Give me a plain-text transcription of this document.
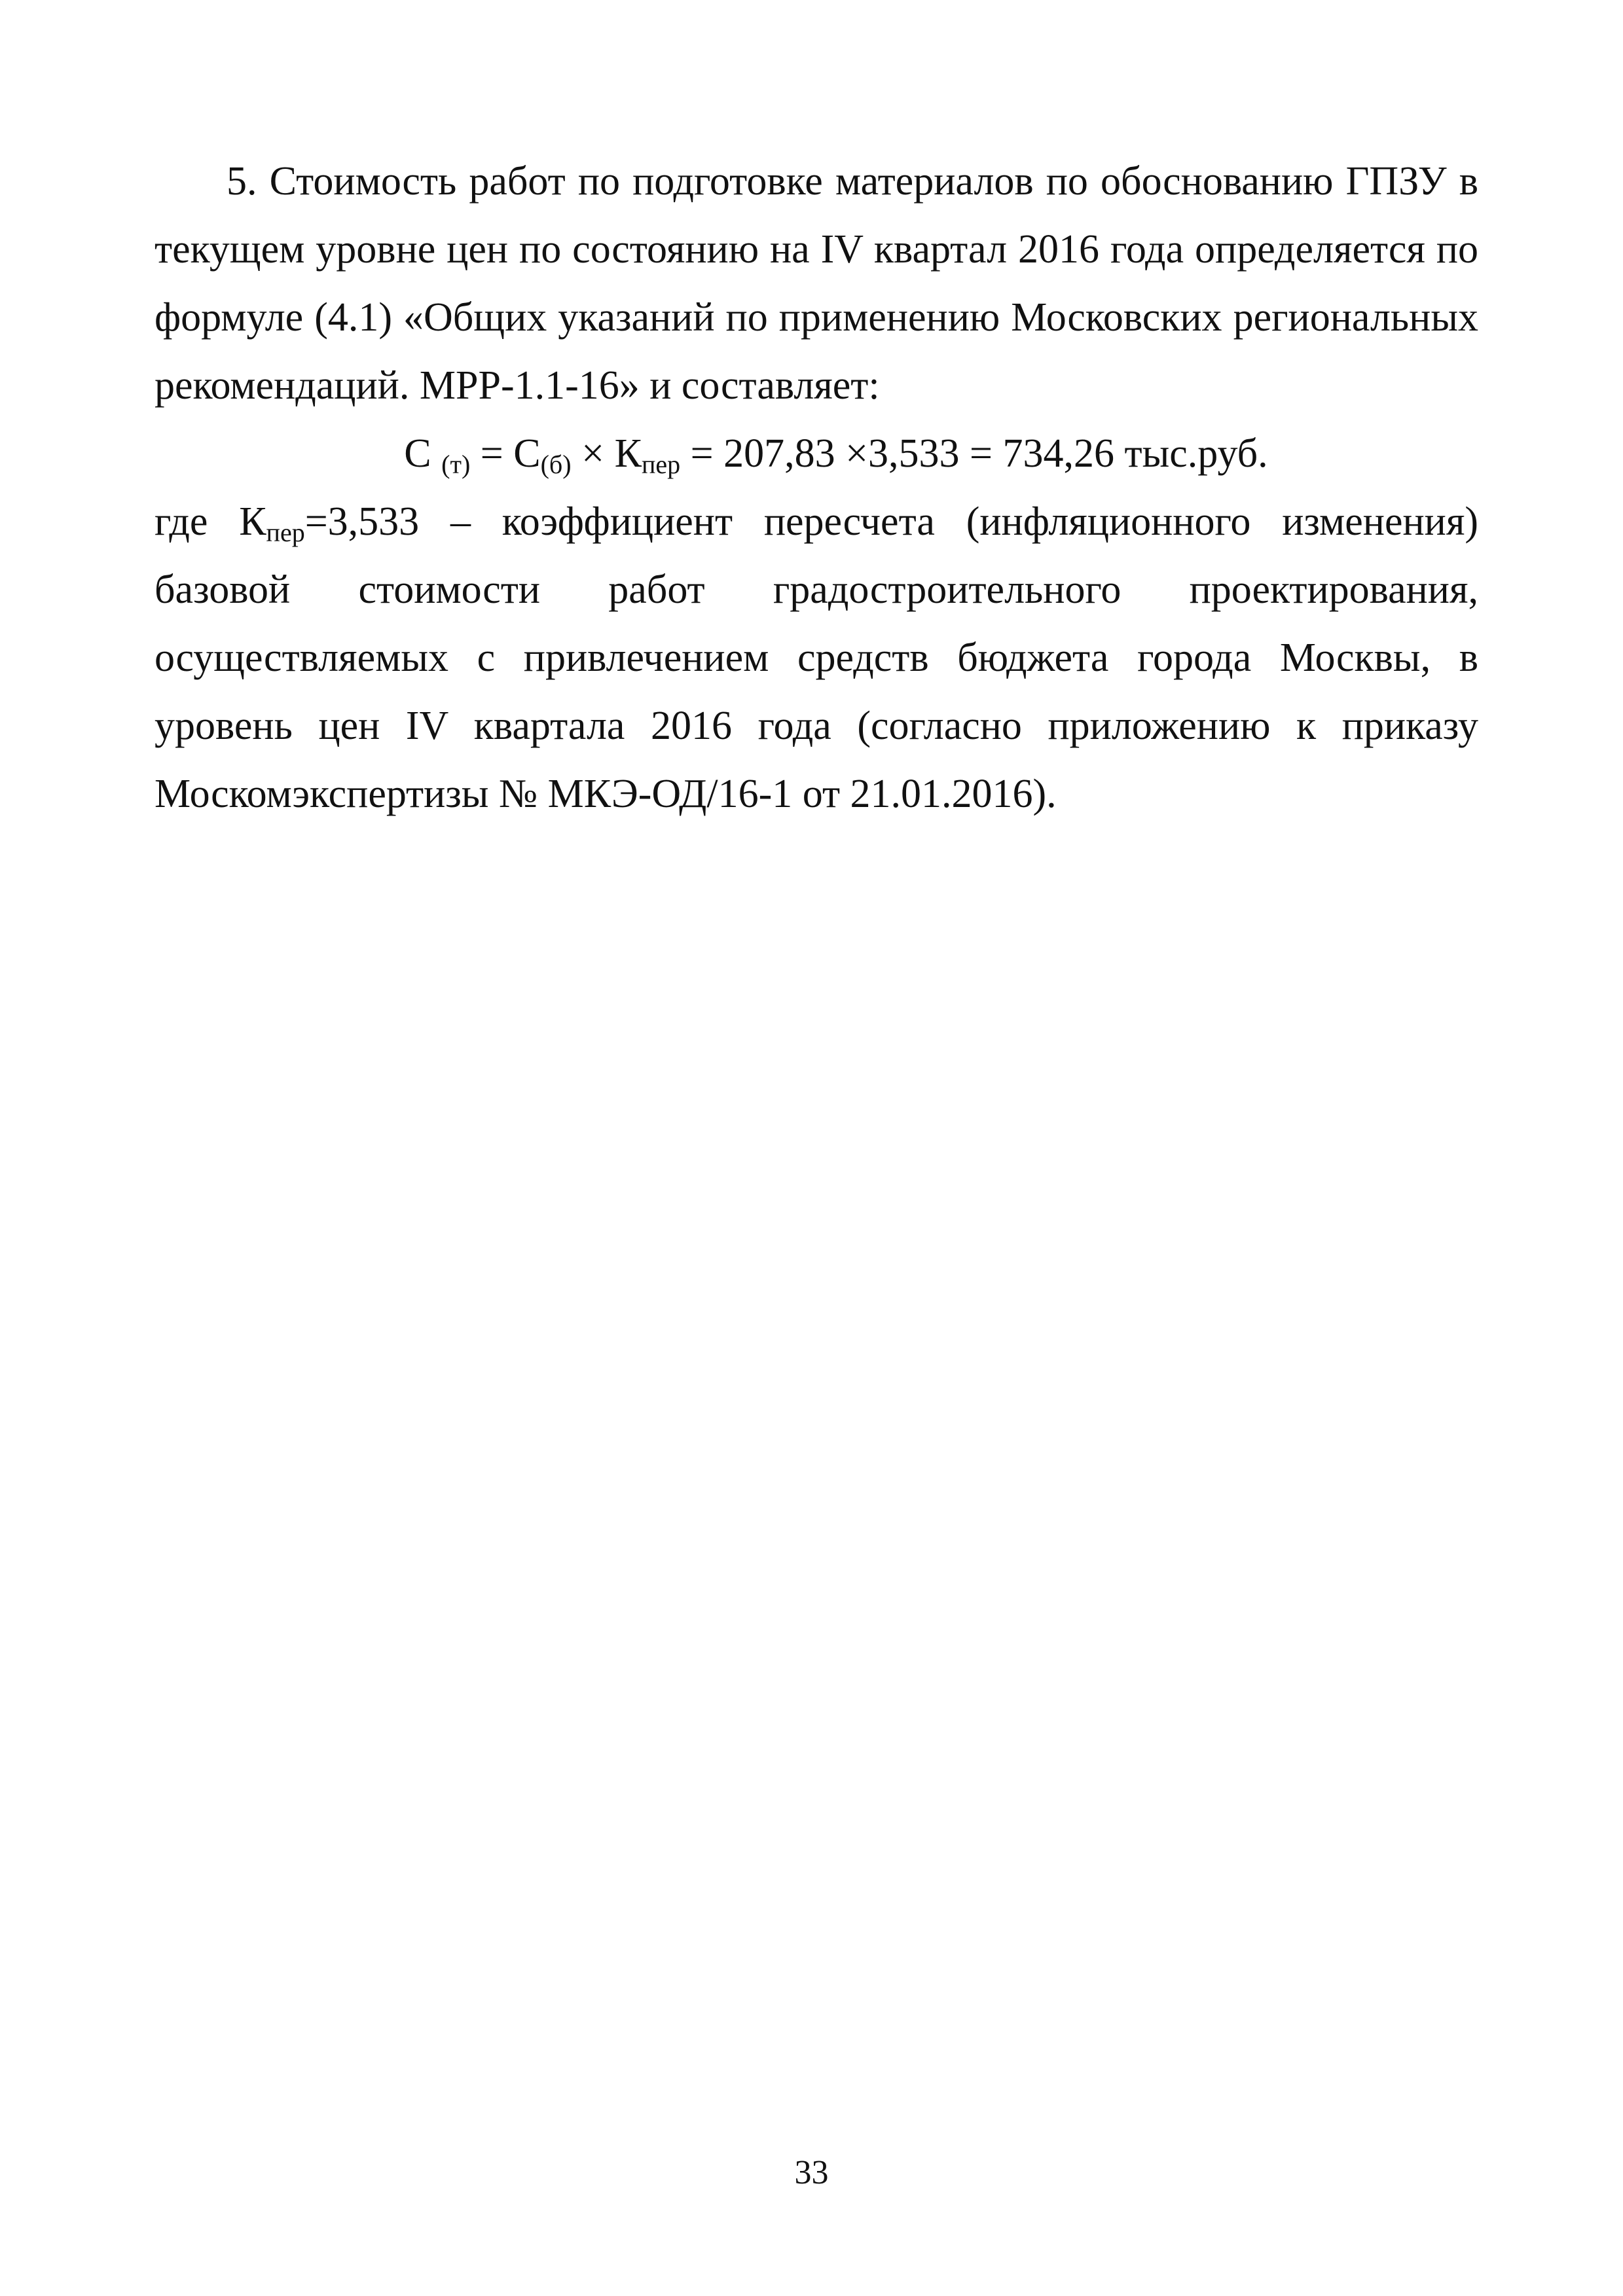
5. Стоимость работ по подготовке материалов по обоснованию ГПЗУ в текущем уровне цен по состоянию на IV квартал 2016 года определяется по формуле (4.1) «Общих указаний по применению Московских региональных рекомендаций. МРР-1.1-16» и составляет:

С $_{(т)} = С_{(б)} \times К_{пер} = 207,83 \times 3,533 = 734,26$ тыс.руб.

где $К_{пер}=3,533$ – коэффициент пересчета (инфляционного изменения) базовой стоимости работ градостроительного проектирования, осуществляемых с привлечением средств бюджета города Москвы, в уровень цен IV квартала 2016 года (согласно приложению к приказу Москомэкспертизы № МКЭ-ОД/16-1 от 21.01.2016).

33
